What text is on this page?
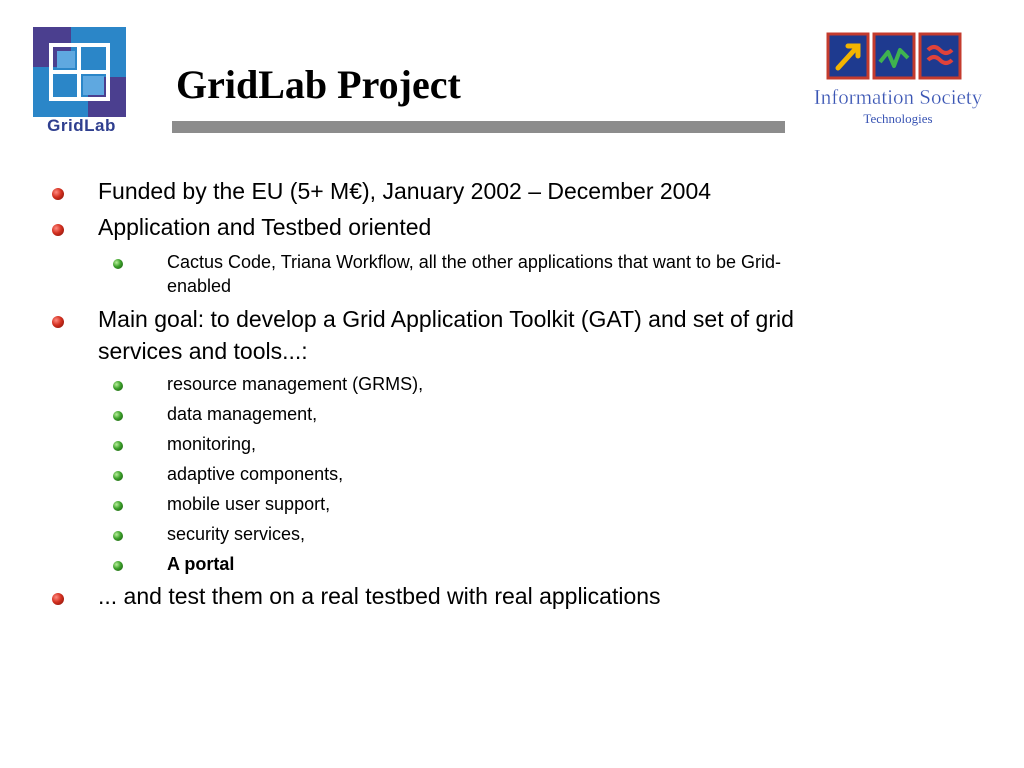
GridLab
GridLab Project	Information Society
Technologies
Funded by the EU (5+ M€), January 2002 – December 2004
Application and Testbed oriented
Cactus Code, Triana Workflow, all the other applications that want to be Grid-
enabled
Main goal: to develop a Grid Application Toolkit (GAT) and set of grid
services and tools...:
resource management (GRMS),
data management,
monitoring,
adaptive components,
mobile user support,
security services,
A portal
... and test them on a real testbed with real applications
